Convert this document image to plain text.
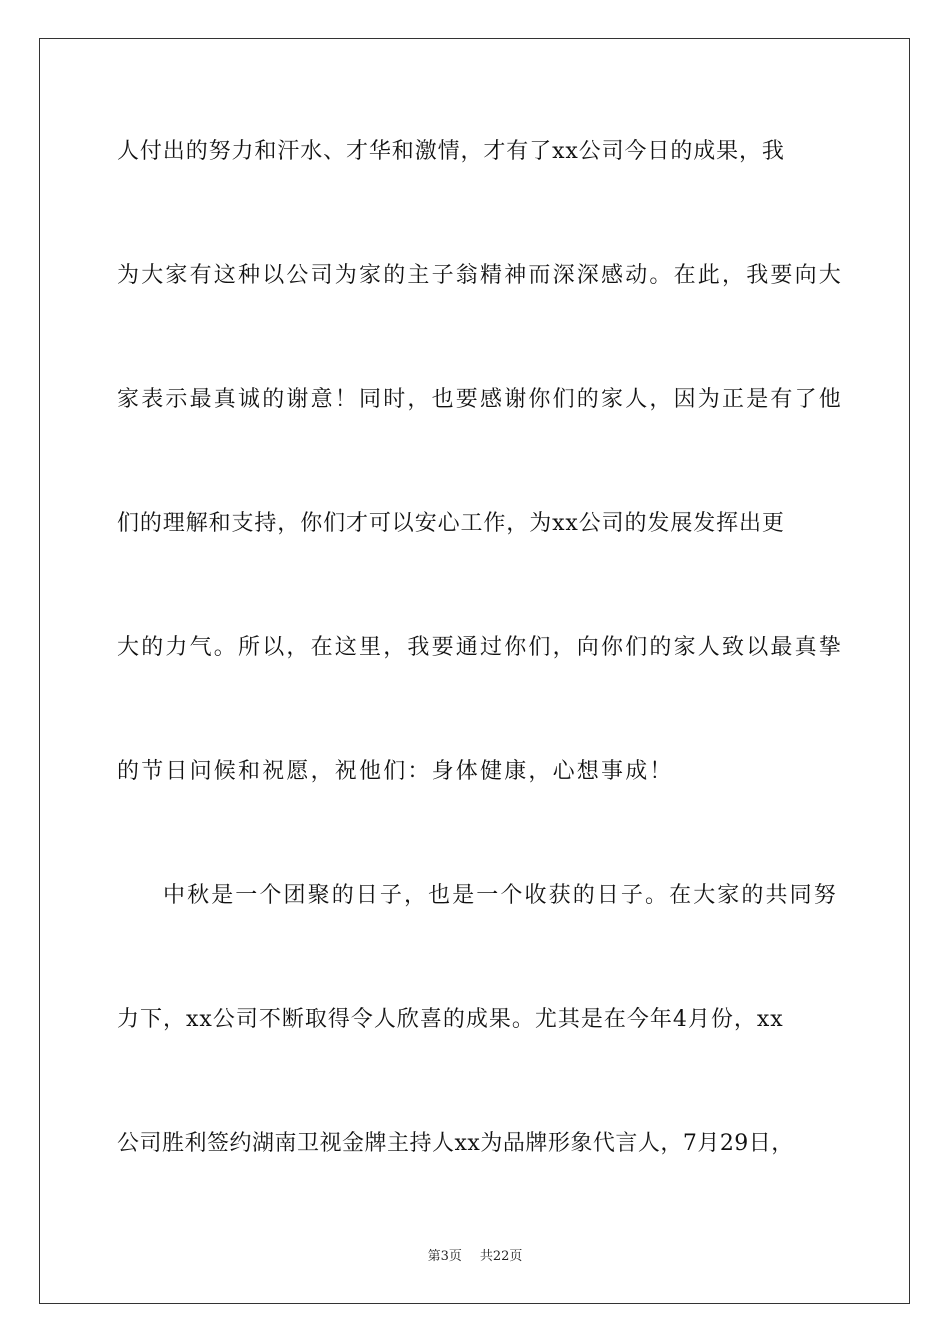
人付出的努力和汗水、才华和激情，才有了xx公司今日的成果，我
为大家有这种以公司为家的主子翁精神而深深感动。在此，我要向大
家表示最真诚的谢意！同时，也要感谢你们的家人，因为正是有了他
们的理解和支持，你们才可以安心工作，为xx公司的发展发挥出更
大的力气。所以，在这里，我要通过你们，向你们的家人致以最真挚
的节日问候和祝愿，祝他们：身体健康，心想事成！
中秋是一个团聚的日子，也是一个收获的日子。在大家的共同努
力下，xx公司不断取得令人欣喜的成果。尤其是在今年4月份，xx
公司胜利签约湖南卫视金牌主持人xx为品牌形象代言人，7月29日，
第3页 共22页
